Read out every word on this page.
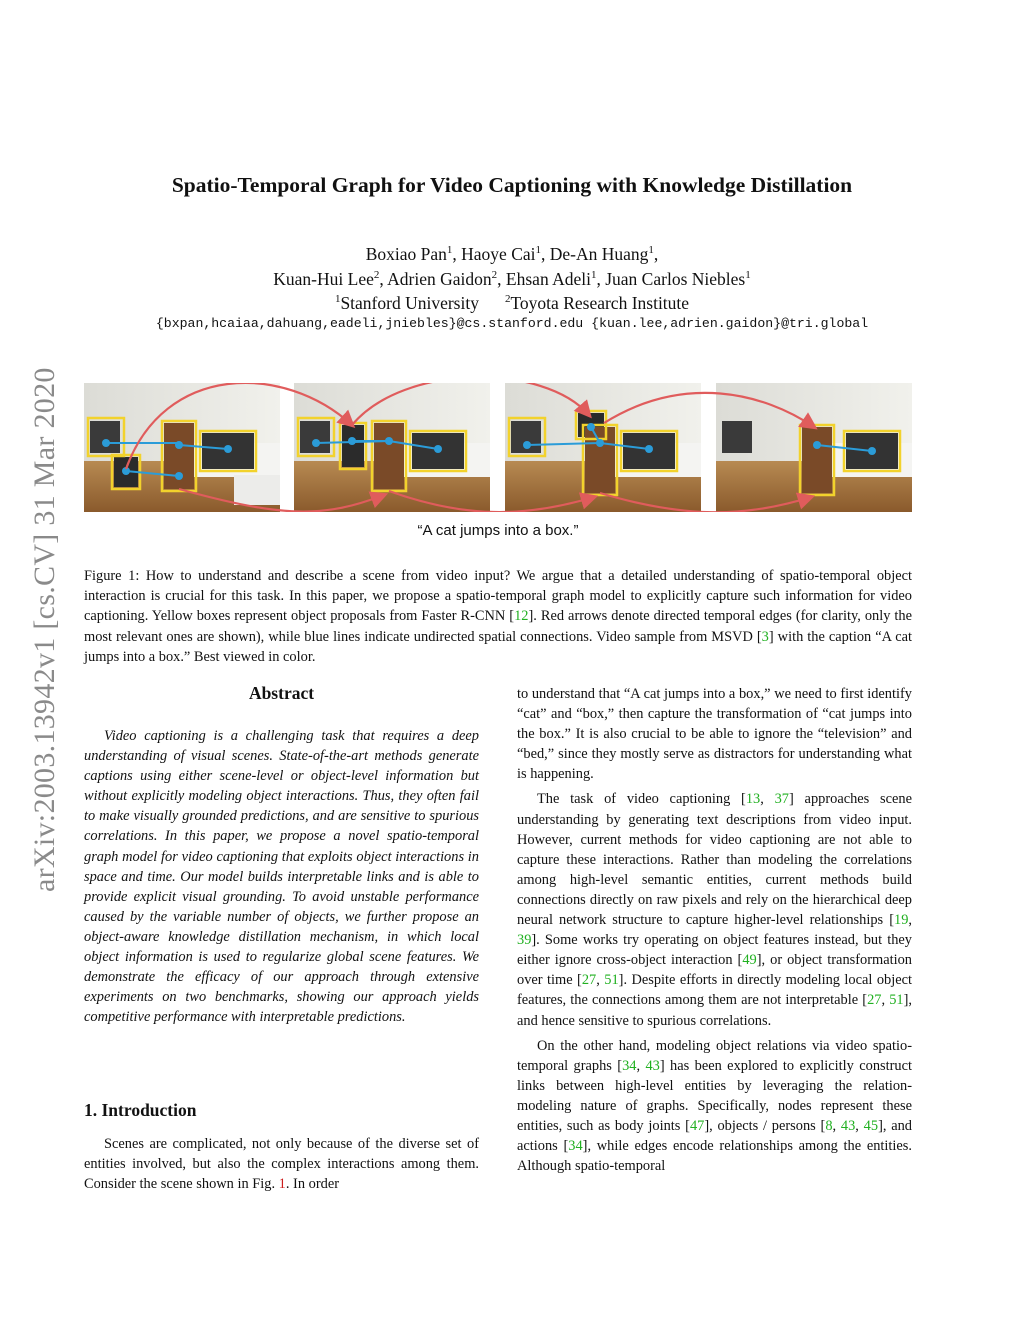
arXiv:2003.13942v1 [cs.CV] 31 Mar 2020
Spatio-Temporal Graph for Video Captioning with Knowledge Distillation
Boxiao Pan$^1$, Haoye Cai$^1$, De-An Huang$^1$,
Kuan-Hui Lee$^2$, Adrien Gaidon$^2$, Ehsan Adeli$^1$, Juan Carlos Niebles$^1$
$^1$Stanford University $^2$Toyota Research Institute
{bxpan,hcaiaa,dahuang,eadeli,jniebles}@cs.stanford.edu {kuan.lee,adrien.gaidon}@tri.global
“A cat jumps into a box.”
Figure 1: How to understand and describe a scene from video input? We argue that a detailed understanding of spatio-temporal object interaction is crucial for this task. In this paper, we propose a spatio-temporal graph model to explicitly capture such information for video captioning. Yellow boxes represent object proposals from Faster R-CNN [12]. Red arrows denote directed temporal edges (for clarity, only the most relevant ones are shown), while blue lines indicate undirected spatial connections. Video sample from MSVD [3] with the caption “A cat jumps into a box.” Best viewed in color.
Abstract

Video captioning is a challenging task that requires a deep understanding of visual scenes. State-of-the-art methods generate captions using either scene-level or object-level information but without explicitly modeling object interactions. Thus, they often fail to make visually grounded predictions, and are sensitive to spurious correlations. In this paper, we propose a novel spatio-temporal graph model for video captioning that exploits object interactions in space and time. Our model builds interpretable links and is able to provide explicit visual grounding. To avoid unstable performance caused by the variable number of objects, we further propose an object-aware knowledge distillation mechanism, in which local object information is used to regularize global scene features. We demonstrate the efficacy of our approach through extensive experiments on two benchmarks, showing our approach yields competitive performance with interpretable predictions.

1. Introduction

Scenes are complicated, not only because of the diverse set of entities involved, but also the complex interactions among them. Consider the scene shown in Fig. 1. In order

to understand that “A cat jumps into a box,” we need to first identify “cat” and “box,” then capture the transformation of “cat jumps into the box.” It is also crucial to be able to ignore the “television” and “bed,” since they mostly serve as distractors for understanding what is happening.

The task of video captioning [13, 37] approaches scene understanding by generating text descriptions from video input. However, current methods for video captioning are not able to capture these interactions. Rather than modeling the correlations among high-level semantic entities, current methods build connections directly on raw pixels and rely on the hierarchical deep neural network structure to capture higher-level relationships [19, 39]. Some works try operating on object features instead, but they either ignore cross-object interaction [49], or object transformation over time [27, 51]. Despite efforts in directly modeling local object features, the connections among them are not interpretable [27, 51], and hence sensitive to spurious correlations.

On the other hand, modeling object relations via video spatio-temporal graphs [34, 43] has been explored to explicitly construct links between high-level entities by leveraging the relation-modeling nature of graphs. Specifically, nodes represent these entities, such as body joints [47], objects / persons [8, 43, 45], and actions [34], while edges encode relationships among the entities. Although spatio-temporal
